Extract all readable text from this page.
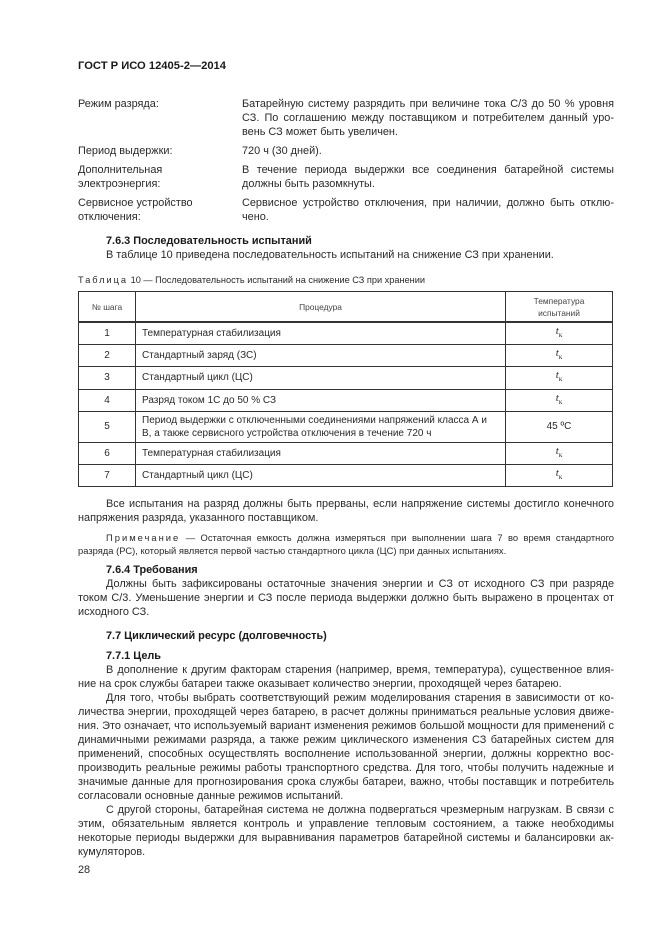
ГОСТ Р ИСО 12405-2—2014
Режим разряда:	Батарейную систему разрядить при величине тока С/3 до 50 % уровня СЗ. По соглашению между поставщиком и потребителем данный уровень СЗ может быть увеличен.
Период выдержки:	720 ч (30 дней).
Дополнительная электроэнергия:
В течение периода выдержки все соединения батарейной системы должны быть разомкнуты.
Сервисное устройство отключения:
Сервисное устройство отключения, при наличии, должно быть отключено.
7.6.3 Последовательность испытаний
В таблице 10 приведена последовательность испытаний на снижение СЗ при хранении.
Таблица 10 — Последовательность испытаний на снижение СЗ при хранении
№ шага	Процедура	Температура испытаний
1	Температурная стабилизация	$t_к$
2	Стандартный заряд (ЗС)	$t_к$
3	Стандартный цикл (ЦС)	$t_к$
4	Разряд током 1С до 50 % СЗ	$t_к$
5	Период выдержки с отключенными соединениями напряжений класса А и В, а также сервисного устройства отключения в течение 720 ч	45 ºС
6	Температурная стабилизация	$t_к$
7	Стандартный цикл (ЦС)	$t_к$
Все испытания на разряд должны быть прерваны, если напряжение системы достигло конечного напряжения разряда, указанного поставщиком.
Примечание — Остаточная емкость должна измеряться при выполнении шага 7 во время стандартного разряда (РС), который является первой частью стандартного цикла (ЦС) при данных испытаниях.
7.6.4 Требования
Должны быть зафиксированы остаточные значения энергии и СЗ от исходного СЗ при разряде током С/3. Уменьшение энергии и СЗ после периода выдержки должно быть выражено в процентах от исходного СЗ.
7.7 Циклический ресурс (долговечность)
7.7.1 Цель
В дополнение к другим факторам старения (например, время, температура), существенное влияние на срок службы батареи также оказывает количество энергии, проходящей через батарею.
Для того, чтобы выбрать соответствующий режим моделирования старения в зависимости от количества энергии, проходящей через батарею, в расчет должны приниматься реальные условия движения. Это означает, что используемый вариант изменения режимов большой мощности для применений с динамичными режимами разряда, а также режим циклического изменения СЗ батарейных систем для применений, способных осуществлять восполнение использованной энергии, должны корректно воспроизводить реальные режимы работы транспортного средства. Для того, чтобы получить надежные и значимые данные для прогнозирования срока службы батареи, важно, чтобы поставщик и потребитель согласовали основные данные режимов испытаний.
С другой стороны, батарейная система не должна подвергаться чрезмерным нагрузкам. В связи с этим, обязательным является контроль и управление тепловым состоянием, а также необходимы некоторые периоды выдержки для выравнивания параметров батарейной системы и балансировки аккумуляторов.
28
